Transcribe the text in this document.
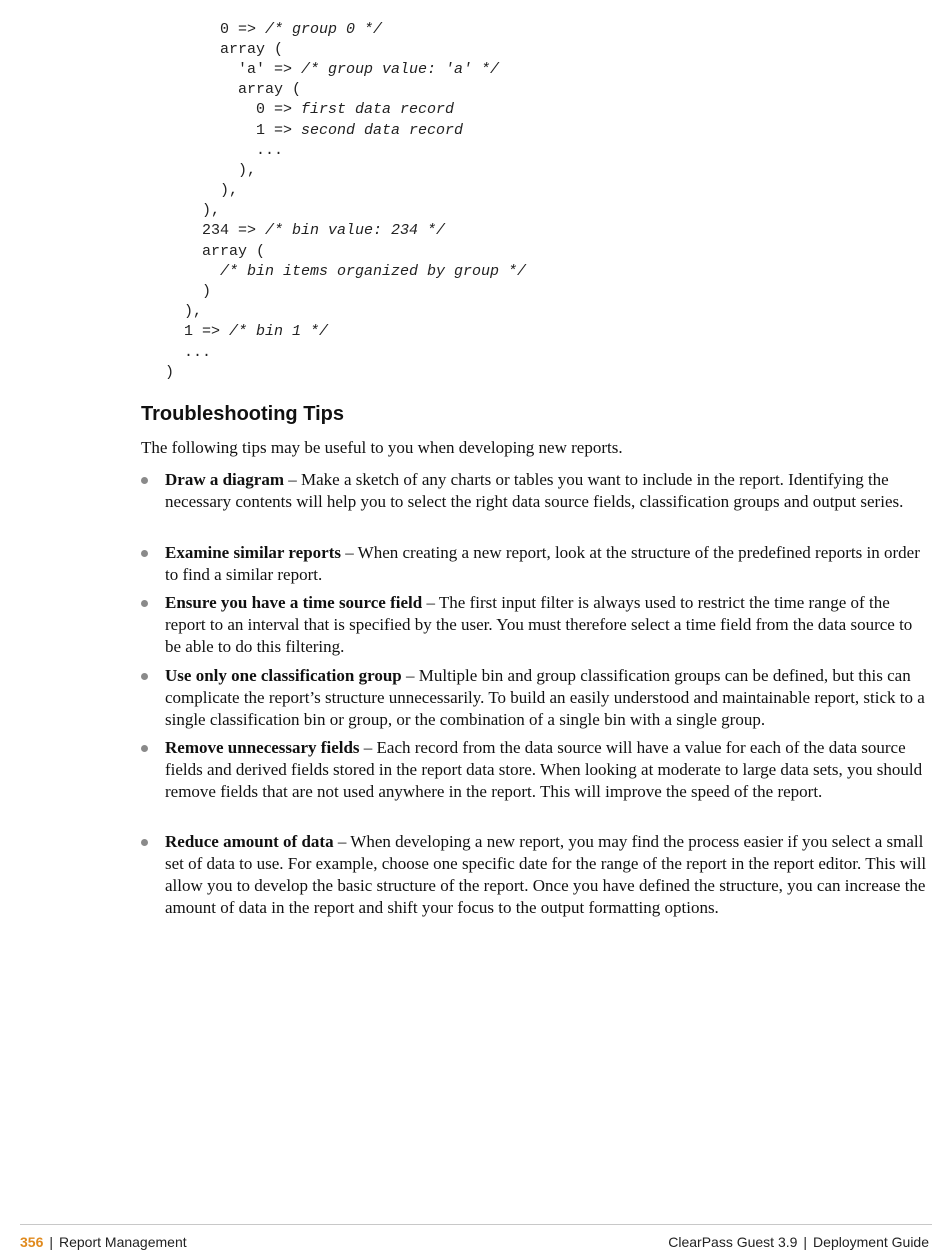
0 => /* group 0 */
array (
'a' => /* group value: 'a' */
array (
0 => first data record
1 => second data record
...
),
),
),
234 => /* bin value: 234 */
array (
/* bin items organized by group */
)
),
1 => /* bin 1 */
...
)
Troubleshooting Tips

The following tips may be useful to you when developing new reports.

Draw a diagram – Make a sketch of any charts or tables you want to include in the report. Identifying the necessary contents will help you to select the right data source fields, classification groups and output series.
Examine similar reports – When creating a new report, look at the structure of the predefined reports in order to find a similar report.
Ensure you have a time source field – The first input filter is always used to restrict the time range of the report to an interval that is specified by the user. You must therefore select a time field from the data source to be able to do this filtering.
Use only one classification group – Multiple bin and group classification groups can be defined, but this can complicate the report’s structure unnecessarily. To build an easily understood and maintainable report, stick to a single classification bin or group, or the combination of a single bin with a single group.
Remove unnecessary fields – Each record from the data source will have a value for each of the data source fields and derived fields stored in the report data store. When looking at moderate to large data sets, you should remove fields that are not used anywhere in the report. This will improve the speed of the report.
Reduce amount of data – When developing a new report, you may find the process easier if you select a small set of data to use. For example, choose one specific date for the range of the report in the report editor. This will allow you to develop the basic structure of the report. Once you have defined the structure, you can increase the amount of data in the report and shift your focus to the output formatting options.
356 | Report Management	ClearPass Guest 3.9 | Deployment Guide
